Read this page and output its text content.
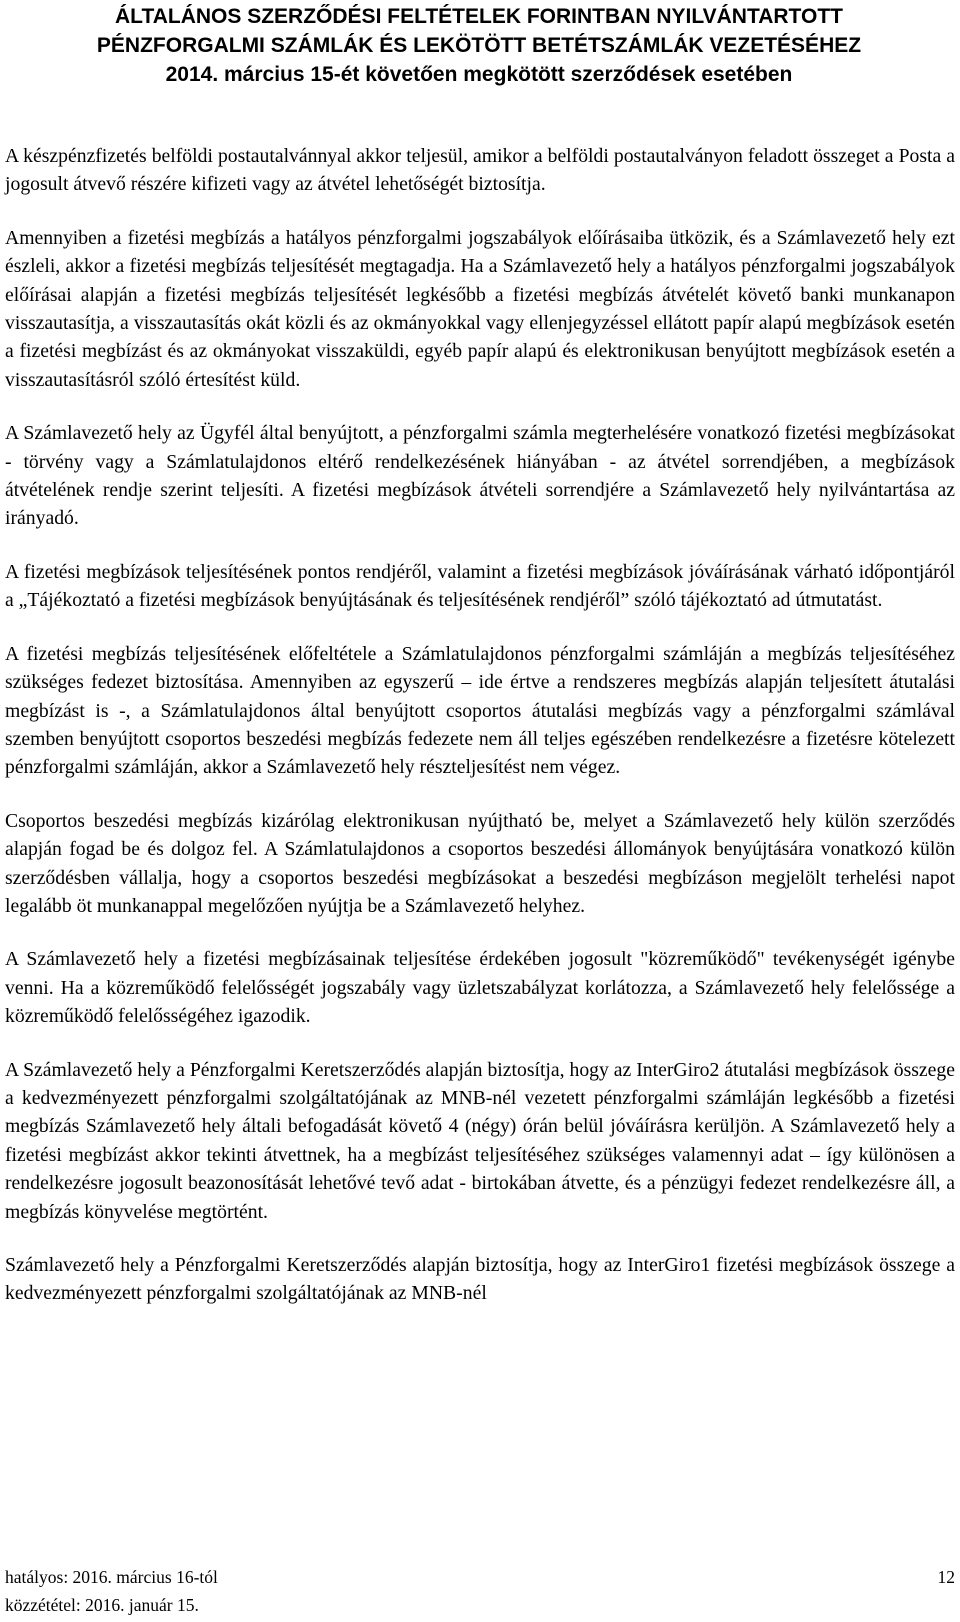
ÁLTALÁNOS SZERZŐDÉSI FELTÉTELEK FORINTBAN NYILVÁNTARTOTT
PÉNZFORGALMI SZÁMLÁK ÉS LEKÖTÖTT BETÉTSZÁMLÁK VEZETÉSÉHEZ
2014. március 15-ét követően megkötött szerződések esetében

A készpénzfizetés belföldi postautalvánnyal akkor teljesül, amikor a belföldi postautalványon feladott összeget a Posta a jogosult átvevő részére kifizeti vagy az átvétel lehetőségét biztosítja.

Amennyiben a fizetési megbízás a hatályos pénzforgalmi jogszabályok előírásaiba ütközik, és a Számlavezető hely ezt észleli, akkor a fizetési megbízás teljesítését megtagadja. Ha a Számlavezető hely a hatályos pénzforgalmi jogszabályok előírásai alapján a fizetési megbízás teljesítését legkésőbb a fizetési megbízás átvételét követő banki munkanapon visszautasítja, a visszautasítás okát közli és az okmányokkal vagy ellenjegyzéssel ellátott papír alapú megbízások esetén a fizetési megbízást és az okmányokat visszaküldi, egyéb papír alapú és elektronikusan benyújtott megbízások esetén a visszautasításról szóló értesítést küld.

A Számlavezető hely az Ügyfél által benyújtott, a pénzforgalmi számla megterhelésére vonatkozó fizetési megbízásokat - törvény vagy a Számlatulajdonos eltérő rendelkezésének hiányában - az átvétel sorrendjében, a megbízások átvételének rendje szerint teljesíti. A fizetési megbízások átvételi sorrendjére a Számlavezető hely nyilvántartása az irányadó.

A fizetési megbízások teljesítésének pontos rendjéről, valamint a fizetési megbízások jóváírásának várható időpontjáról a „Tájékoztató a fizetési megbízások benyújtásának és teljesítésének rendjéről” szóló tájékoztató ad útmutatást.

A fizetési megbízás teljesítésének előfeltétele a Számlatulajdonos pénzforgalmi számláján a megbízás teljesítéséhez szükséges fedezet biztosítása. Amennyiben az egyszerű – ide értve a rendszeres megbízás alapján teljesített átutalási megbízást is -, a Számlatulajdonos által benyújtott csoportos átutalási megbízás vagy a pénzforgalmi számlával szemben benyújtott csoportos beszedési megbízás fedezete nem áll teljes egészében rendelkezésre a fizetésre kötelezett pénzforgalmi számláján, akkor a Számlavezető hely részteljesítést nem végez.

Csoportos beszedési megbízás kizárólag elektronikusan nyújtható be, melyet a Számlavezető hely külön szerződés alapján fogad be és dolgoz fel. A Számlatulajdonos a csoportos beszedési állományok benyújtására vonatkozó külön szerződésben vállalja, hogy a csoportos beszedési megbízásokat a beszedési megbízáson megjelölt terhelési napot legalább öt munkanappal megelőzően nyújtja be a Számlavezető helyhez.

A Számlavezető hely a fizetési megbízásainak teljesítése érdekében jogosult "közreműködő" tevékenységét igénybe venni. Ha a közreműködő felelősségét jogszabály vagy üzletszabályzat korlátozza, a Számlavezető hely felelőssége a közreműködő felelősségéhez igazodik.

A Számlavezető hely a Pénzforgalmi Keretszerződés alapján biztosítja, hogy az InterGiro2 átutalási megbízások összege a kedvezményezett pénzforgalmi szolgáltatójának az MNB-nél vezetett pénzforgalmi számláján legkésőbb a fizetési megbízás Számlavezető hely általi befogadását követő 4 (négy) órán belül jóváírásra kerüljön. A Számlavezető hely a fizetési megbízást akkor tekinti átvettnek, ha a megbízást teljesítéséhez szükséges valamennyi adat – így különösen a rendelkezésre jogosult beazonosítását lehetővé tevő adat - birtokában átvette, és a pénzügyi fedezet rendelkezésre áll, a megbízás könyvelése megtörtént.

Számlavezető hely a Pénzforgalmi Keretszerződés alapján biztosítja, hogy az InterGiro1 fizetési megbízások összege a kedvezményezett pénzforgalmi szolgáltatójának az MNB-nél

hatályos: 2016. március 16-tól	12
közzététel: 2016. január 15.
